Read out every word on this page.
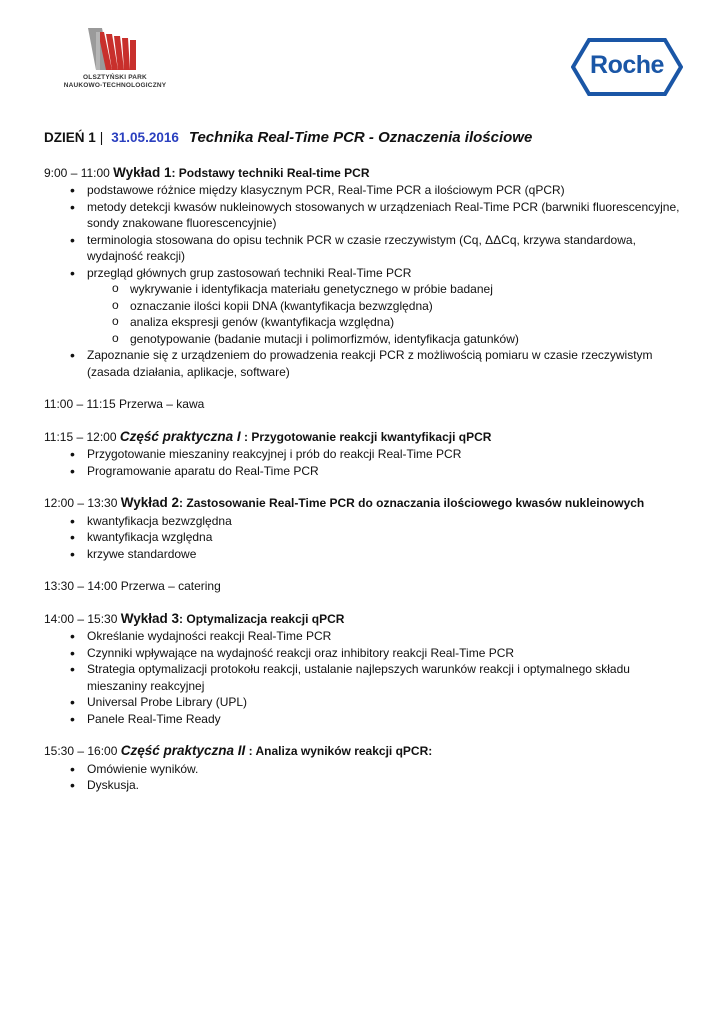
OLSZTYŃSKI PARK
NAUKOWO-TECHNOLOGICZNY
Roche
DZIEŃ 1 | 31.05.2016 Technika Real-Time PCR - Oznaczenia ilościowe
9:00 – 11:00 Wykład 1: Podstawy techniki Real-time PCR
• podstawowe różnice między klasycznym PCR, Real-Time PCR a ilościowym PCR (qPCR)
• metody detekcji kwasów nukleinowych stosowanych w urządzeniach Real-Time PCR (barwniki fluorescencyjne, sondy znakowane fluorescencyjnie)
• terminologia stosowana do opisu technik PCR w czasie rzeczywistym (Cq, ΔΔCq, krzywa standardowa, wydajność reakcji)
• przegląd głównych grup zastosowań techniki Real-Time PCR
o wykrywanie i identyfikacja materiału genetycznego w próbie badanej
o oznaczanie ilości kopii DNA (kwantyfikacja bezwzględna)
o analiza ekspresji genów (kwantyfikacja względna)
o genotypowanie (badanie mutacji i polimorfizmów, identyfikacja gatunków)
• Zapoznanie się z urządzeniem do prowadzenia reakcji PCR z możliwością pomiaru w czasie rzeczywistym (zasada działania, aplikacje, software)
11:00 – 11:15 Przerwa – kawa
11:15 – 12:00 Część praktyczna I : Przygotowanie reakcji kwantyfikacji qPCR
• Przygotowanie mieszaniny reakcyjnej i prób do reakcji Real-Time PCR
• Programowanie aparatu do Real-Time PCR
12:00 – 13:30 Wykład 2: Zastosowanie Real-Time PCR do oznaczania ilościowego kwasów nukleinowych
• kwantyfikacja bezwzględna
• kwantyfikacja względna
• krzywe standardowe
13:30 – 14:00 Przerwa – catering
14:00 – 15:30 Wykład 3: Optymalizacja reakcji qPCR
• Określanie wydajności reakcji Real-Time PCR
• Czynniki wpływające na wydajność reakcji oraz inhibitory reakcji Real-Time PCR
• Strategia optymalizacji protokołu reakcji, ustalanie najlepszych warunków reakcji i optymalnego składu mieszaniny reakcyjnej
• Universal Probe Library (UPL)
• Panele Real-Time Ready
15:30 – 16:00 Część praktyczna II : Analiza wyników reakcji qPCR:
• Omówienie wyników.
• Dyskusja.
